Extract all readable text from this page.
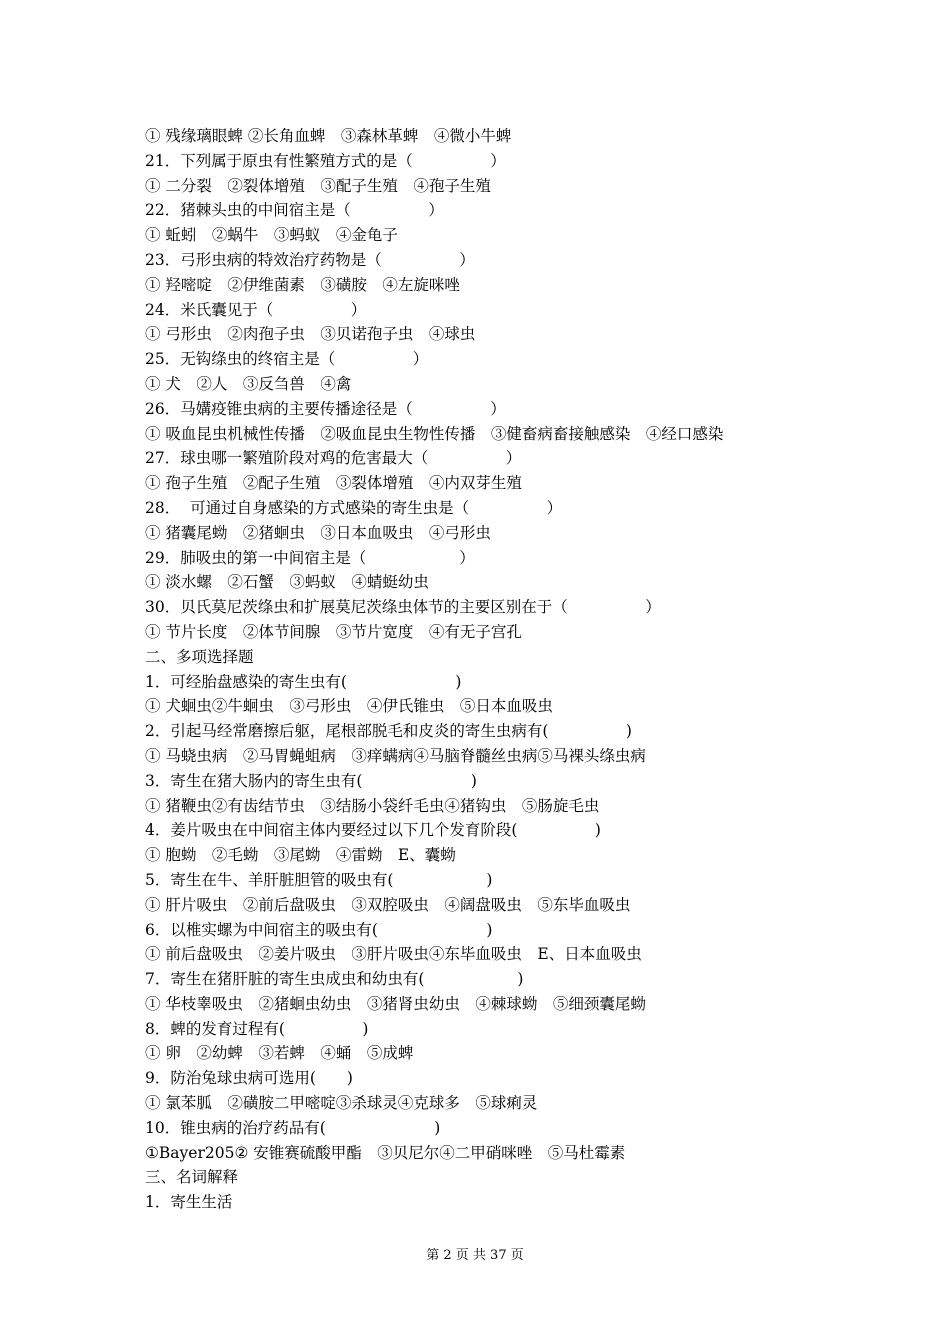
① 残缘璃眼蜱 ②长角血蜱　③森林革蜱　④微小牛蜱
21．下列属于原虫有性繁殖方式的是（　　　　　）
① 二分裂　②裂体增殖　③配子生殖　④孢子生殖
22．猪棘头虫的中间宿主是（　　　　　）
① 蚯蚓　②蜗牛　③蚂蚁　④金龟子
23．弓形虫病的特效治疗药物是（　　　　　）
① 羟嘧啶　②伊维菌素　③磺胺　④左旋咪唑
24．米氏囊见于（　　　　　）
① 弓形虫　②肉孢子虫　③贝诺孢子虫　④球虫
25．无钩绦虫的终宿主是（　　　　　）
① 犬　②人　③反刍兽　④禽
26．马媾疫锥虫病的主要传播途径是（　　　　　）
① 吸血昆虫机械性传播　②吸血昆虫生物性传播　③健畜病畜接触感染　④经口感染
27．球虫哪一繁殖阶段对鸡的危害最大（　　　　　）
① 孢子生殖　②配子生殖　③裂体增殖　④内双芽生殖
28．  可通过自身感染的方式感染的寄生虫是（　　　　　）
① 猪囊尾蚴　②猪蛔虫　③日本血吸虫　④弓形虫
29．肺吸虫的第一中间宿主是（　　　　　　）
① 淡水螺　②石蟹　③蚂蚁　④蜻蜓幼虫
30．贝氏莫尼茨绦虫和扩展莫尼茨绦虫体节的主要区别在于（　　　　　）
① 节片长度　②体节间腺　③节片宽度　④有无子宫孔
二、多项选择题
1．可经胎盘感染的寄生虫有(　　　　　　　)
① 犬蛔虫②牛蛔虫　③弓形虫　④伊氏锥虫　⑤日本血吸虫
2．引起马经常磨擦后躯，尾根部脱毛和皮炎的寄生虫病有(　　　　　)
① 马蛲虫病　②马胃蝇蛆病　③痒螨病④马脑脊髓丝虫病⑤马裸头绦虫病
3．寄生在猪大肠内的寄生虫有(　　　　　　　)
① 猪鞭虫②有齿结节虫　③结肠小袋纤毛虫④猪钩虫　⑤肠旋毛虫
4．姜片吸虫在中间宿主体内要经过以下几个发育阶段(　　　　　)
① 胞蚴　②毛蚴　③尾蚴　④雷蚴　E、囊蚴
5．寄生在牛、羊肝脏胆管的吸虫有(　　　　　　)
① 肝片吸虫　②前后盘吸虫　③双腔吸虫　④阔盘吸虫　⑤东毕血吸虫
6．以椎实螺为中间宿主的吸虫有(　　　　　　　)
① 前后盘吸虫　②姜片吸虫　③肝片吸虫④东毕血吸虫　E、日本血吸虫
7．寄生在猪肝脏的寄生虫成虫和幼虫有(　　　　　　)
① 华枝睾吸虫　②猪蛔虫幼虫　③猪肾虫幼虫　④棘球蚴　⑤细颈囊尾蚴
8．蜱的发育过程有(　　　　　)
① 卵　②幼蜱　③若蜱　④蛹　⑤成蜱
9．防治兔球虫病可选用(　　)
① 氯苯胍　②磺胺二甲嘧啶③杀球灵④克球多　⑤球痢灵
10．锥虫病的治疗药品有(　　　　　　　)
①Bayer205② 安锥赛硫酸甲酯　③贝尼尔④二甲硝咪唑　⑤马杜霉素
三、名词解释
1．寄生生活
第 2 页 共 37 页
